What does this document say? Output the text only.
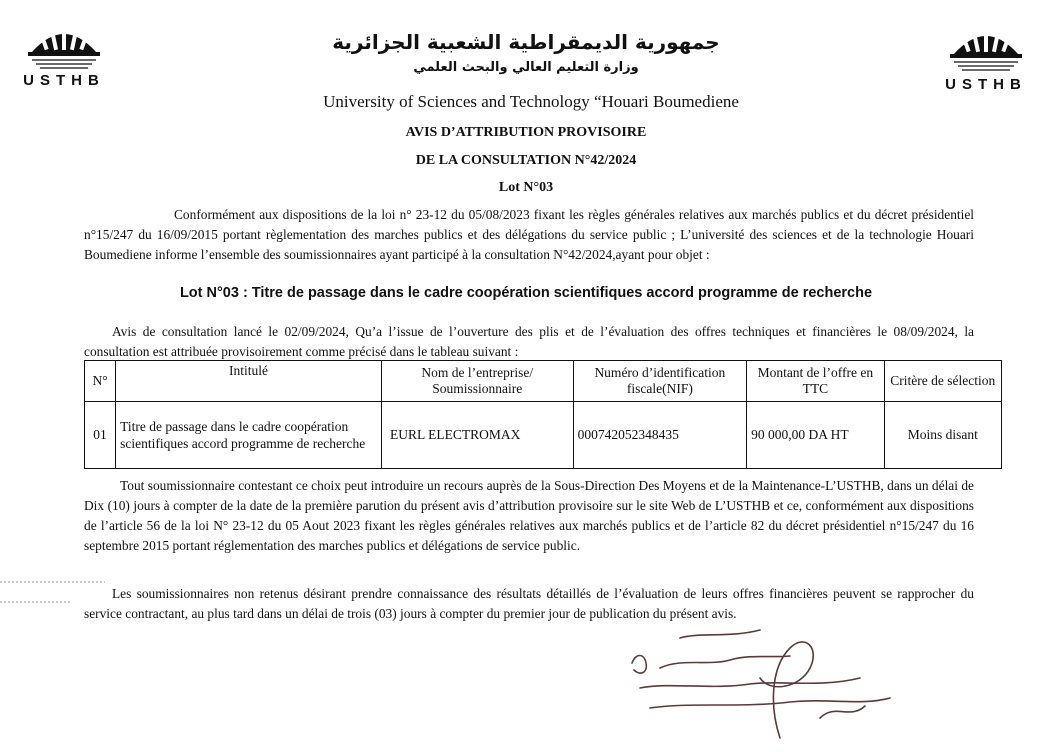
USTHB	USTHB
جمهورية الديمقراطية الشعبية الجزائرية
وزارة التعليم العالي والبحث العلمي
University of Sciences and Technology “Houari Boumediene
AVIS D’ATTRIBUTION PROVISOIRE
DE LA CONSULTATION N°42/2024
Lot N°03
Conformément aux dispositions de la loi n° 23-12 du 05/08/2023 fixant les règles générales relatives aux marchés publics et du décret présidentiel n°15/247 du 16/09/2015 portant règlementation des marches publics et des délégations du service public ; L’université des sciences et de la technologie Houari Boumediene informe l’ensemble des soumissionnaires ayant participé à la consultation N°42/2024,ayant pour objet :
Lot N°03 : Titre de passage dans le cadre coopération scientifiques accord programme de recherche
Avis de consultation lancé le 02/09/2024, Qu’a l’issue de l’ouverture des plis et de l’évaluation des offres techniques et financières le 08/09/2024, la consultation est attribuée provisoirement comme précisé dans le tableau suivant :
N°	Intitulé	Nom de l’entreprise/ Soumissionnaire	Numéro d’identification fiscale(NIF)	Montant de l’offre en TTC	Critère de sélection
01	Titre de passage dans le cadre coopération scientifiques accord programme de recherche	EURL ELECTROMAX	000742052348435	90 000,00 DA HT	Moins disant
Tout soumissionnaire contestant ce choix peut introduire un recours auprès de la Sous-Direction Des Moyens et de la Maintenance-L’USTHB, dans un délai de Dix (10) jours à compter de la date de la première parution du présent avis d’attribution provisoire sur le site Web de L’USTHB et ce, conformément aux dispositions de l’article 56 de la loi N° 23-12 du 05 Aout 2023 fixant les règles générales relatives aux marchés publics et de l’article 82 du décret présidentiel n°15/247 du 16 septembre 2015 portant réglementation des marches publics et délégations de service public.
Les soumissionnaires non retenus désirant prendre connaissance des résultats détaillés de l’évaluation de leurs offres financières peuvent se rapprocher du service contractant, au plus tard dans un délai de trois (03) jours à compter du premier jour de publication du présent avis.
